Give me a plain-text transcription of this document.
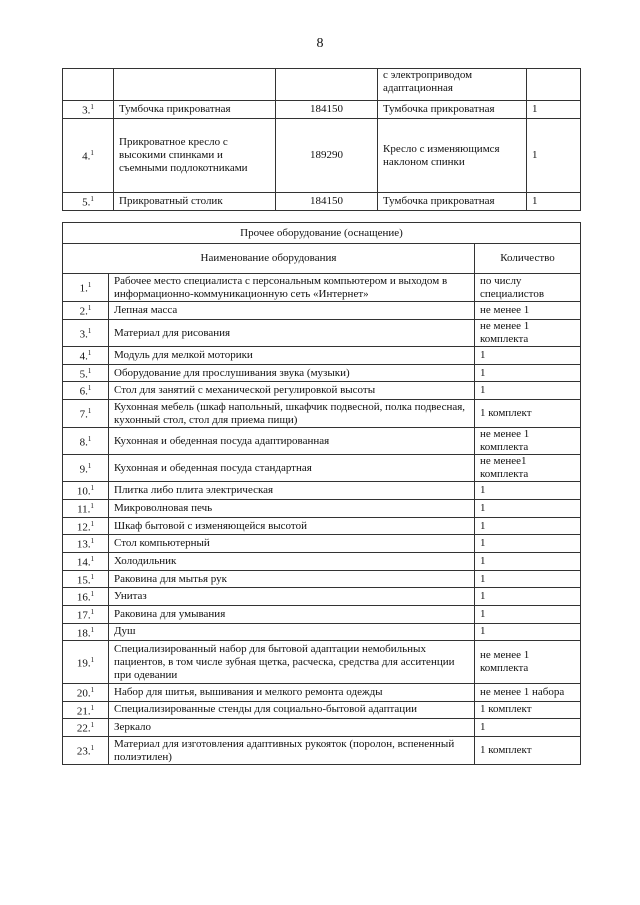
8
			с электроприводом адаптационная	
3.$^1$	Тумбочка прикроватная	184150	Тумбочка прикроватная	1
4.$^1$	Прикроватное кресло с высокими спинками и съемными подлокотниками	189290	Кресло с изменяющимся наклоном спинки	1
5.$^1$	Прикроватный столик	184150	Тумбочка прикроватная	1
Прочее оборудование (оснащение)		
Наименование оборудования		Количество
1.$^1$	Рабочее место специалиста с персональным компьютером и выходом в информационно-коммуникационную сеть «Интернет»	по числу специалистов
2.$^1$	Лепная масса	не менее 1
3.$^1$	Материал для рисования	не менее 1 комплекта
4.$^1$	Модуль для мелкой моторики	1
5.$^1$	Оборудование для прослушивания звука (музыки)	1
6.$^1$	Стол для занятий с механической регулировкой высоты	1
7.$^1$	Кухонная мебель (шкаф напольный, шкафчик подвесной, полка подвесная, кухонный стол, стол для приема пищи)	1 комплект
8.$^1$	Кухонная и обеденная посуда адаптированная	не менее 1 комплекта
9.$^1$	Кухонная и обеденная посуда стандартная	не менее1 комплекта
10.$^1$	Плитка либо плита электрическая	1
11.$^1$	Микроволновая печь	1
12.$^1$	Шкаф бытовой с изменяющейся высотой	1
13.$^1$	Стол компьютерный	1
14.$^1$	Холодильник	1
15.$^1$	Раковина для мытья рук	1
16.$^1$	Унитаз	1
17.$^1$	Раковина для умывания	1
18.$^1$	Душ	1
19.$^1$	Специализированный набор для бытовой адаптации немобильных пациентов, в том числе зубная щетка, расческа, средства для асситенции при одевании	не менее 1 комплекта
20.$^1$	Набор для шитья, вышивания и мелкого ремонта одежды	не менее 1 набора
21.$^1$	Специализированные стенды для социально-бытовой адаптации	1 комплект
22.$^1$	Зеркало	1
23.$^1$	Материал для изготовления адаптивных рукояток (поролон, вспененный полиэтилен)	1 комплект
